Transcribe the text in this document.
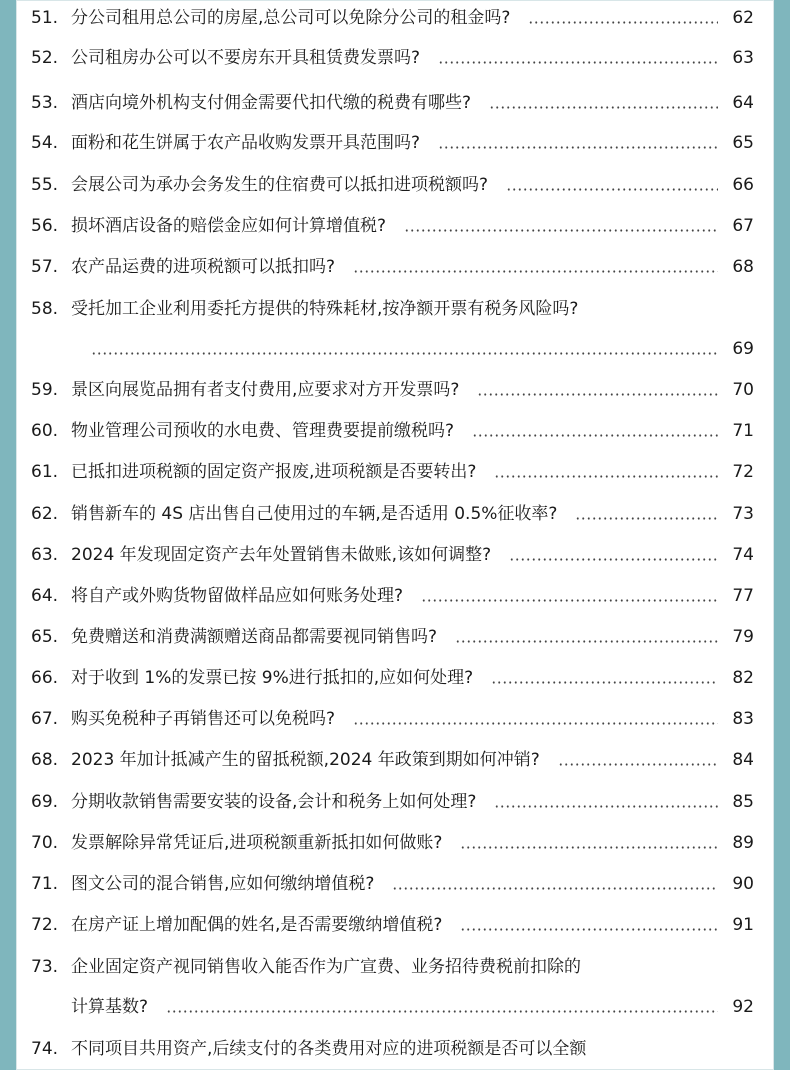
51. 分公司租用总公司的房屋,总公司可以免除分公司的租金吗?	62
52. 公司租房办公可以不要房东开具租赁费发票吗?	63
53. 酒店向境外机构支付佣金需要代扣代缴的税费有哪些?	64
54. 面粉和花生饼属于农产品收购发票开具范围吗?	65
55. 会展公司为承办会务发生的住宿费可以抵扣进项税额吗?	66
56. 损坏酒店设备的赔偿金应如何计算增值税?	67
57. 农产品运费的进项税额可以抵扣吗?	68
58. 受托加工企业利用委托方提供的特殊耗材,按净额开票有税务风险吗?
69
59. 景区向展览品拥有者支付费用,应要求对方开发票吗?	70
60. 物业管理公司预收的水电费、管理费要提前缴税吗?	71
61. 已抵扣进项税额的固定资产报废,进项税额是否要转出?	72
62. 销售新车的 4S 店出售自己使用过的车辆,是否适用 0.5%征收率?	73
63. 2024 年发现固定资产去年处置销售未做账,该如何调整?	74
64. 将自产或外购货物留做样品应如何账务处理?	77
65. 免费赠送和消费满额赠送商品都需要视同销售吗?	79
66. 对于收到 1%的发票已按 9%进行抵扣的,应如何处理?	82
67. 购买免税种子再销售还可以免税吗?	83
68. 2023 年加计抵减产生的留抵税额,2024 年政策到期如何冲销?	84
69. 分期收款销售需要安装的设备,会计和税务上如何处理?	85
70. 发票解除异常凭证后,进项税额重新抵扣如何做账?	89
71. 图文公司的混合销售,应如何缴纳增值税?	90
72. 在房产证上增加配偶的姓名,是否需要缴纳增值税?	91
73. 企业固定资产视同销售收入能否作为广宣费、业务招待费税前扣除的
计算基数?	92
74. 不同项目共用资产,后续支付的各类费用对应的进项税额是否可以全额
